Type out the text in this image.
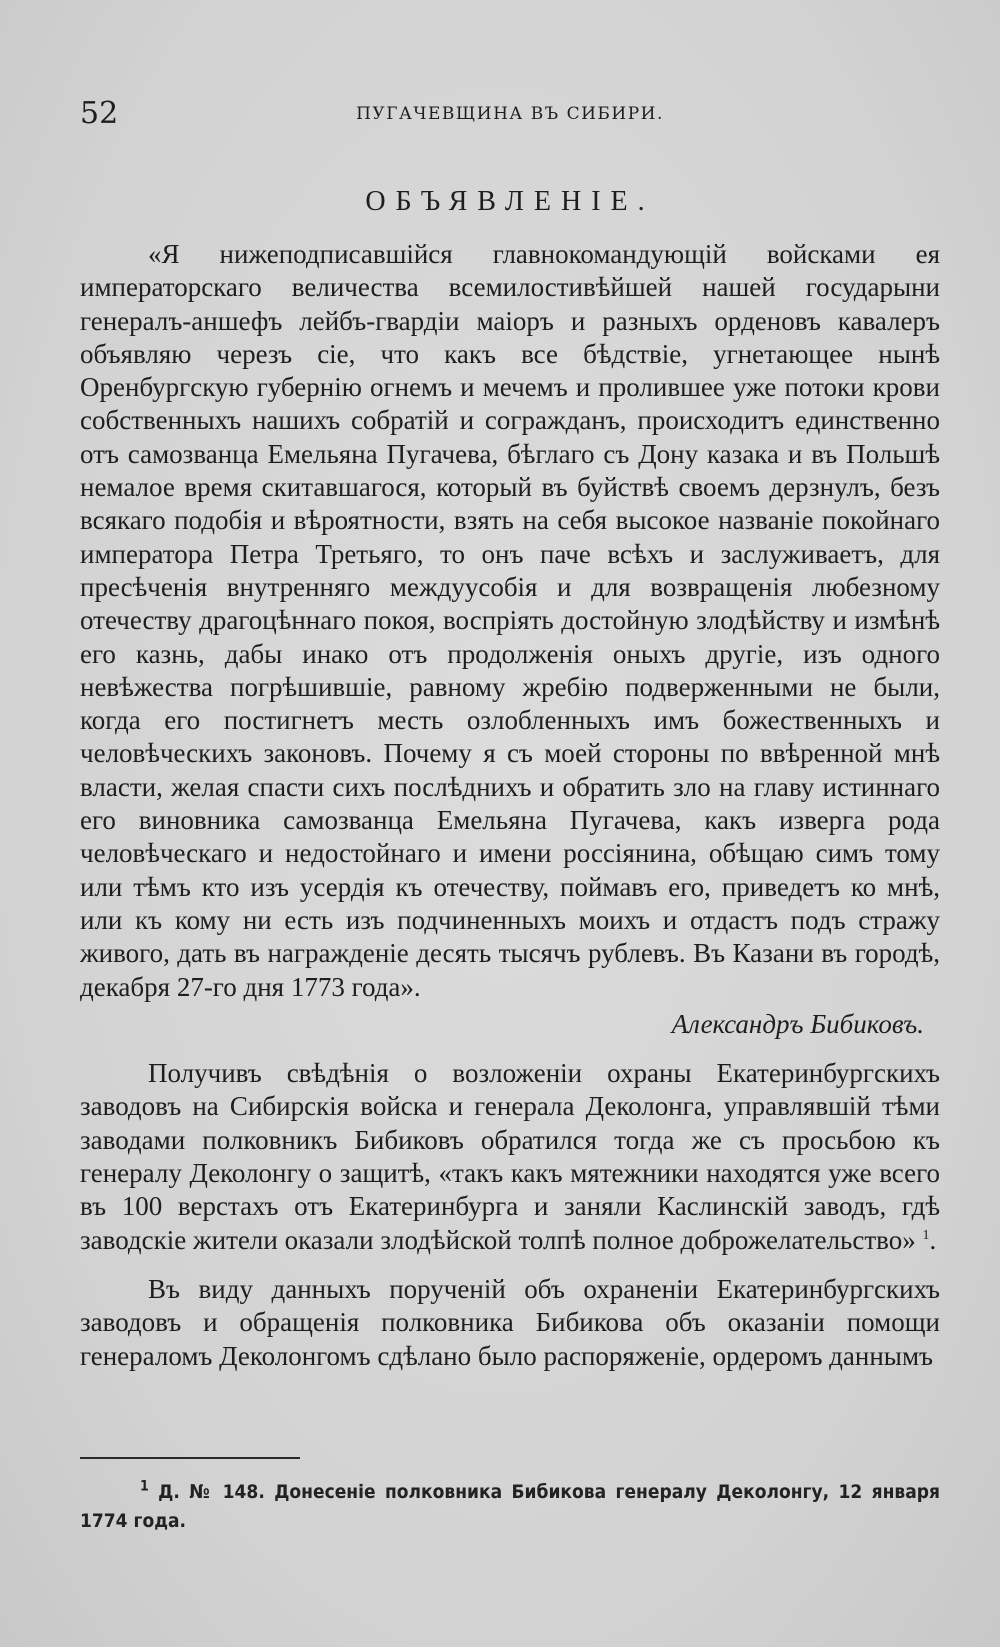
52	ПУГАЧЕВЩИНА ВЪ СИБИРИ.
ОБЪЯВЛЕНІЕ.

«Я нижеподписавшійся главнокомандующій войсками ея императорскаго величества всемилостивѣйшей нашей государыни генералъ-аншефъ лейбъ-гвардіи маіоръ и разныхъ орденовъ кавалеръ объявляю черезъ сіе, что какъ все бѣдствіе, угнетающее нынѣ Оренбургскую губернію огнемъ и мечемъ и пролившее уже потоки крови собственныхъ нашихъ собратій и согражданъ, происходитъ единственно отъ самозванца Емельяна Пугачева, бѣглаго съ Дону казака и въ Польшѣ немалое время скитавшагося, который въ буйствѣ своемъ дерзнулъ, безъ всякаго подобія и вѣроятности, взять на себя высокое названіе покойнаго императора Петра Третьяго, то онъ паче всѣхъ и заслуживаетъ, для пресѣченія внутренняго междуусобія и для возвращенія любезному отечеству драгоцѣннаго покоя, воспріять достойную злодѣйству и измѣнѣ его казнь, дабы инако отъ продолженія оныхъ другіе, изъ одного невѣжества погрѣшившіе, равному жребію подверженными не были, когда его постигнетъ месть озлобленныхъ имъ божественныхъ и человѣческихъ законовъ. Почему я съ моей стороны по ввѣренной мнѣ власти, желая спасти сихъ послѣднихъ и обратить зло на главу истиннаго его виновника самозванца Емельяна Пугачева, какъ изверга рода человѣческаго и недостойнаго и имени россіянина, обѣщаю симъ тому или тѣмъ кто изъ усердія къ отечеству, поймавъ его, приведетъ ко мнѣ, или къ кому ни есть изъ подчиненныхъ моихъ и отдастъ подъ стражу живого, дать въ награжденіе десять тысячъ рублевъ. Въ Казани въ городѣ, декабря 27-го дня 1773 года».

Александръ Бибиковъ.

Получивъ свѣдѣнія о возложеніи охраны Екатеринбургскихъ заводовъ на Сибирскія войска и генерала Деколонга, управлявшій тѣми заводами полковникъ Бибиковъ обратился тогда же съ просьбою къ генералу Деколонгу о защитѣ, «такъ какъ мятежники находятся уже всего въ 100 верстахъ отъ Екатеринбурга и заняли Каслинскій заводъ, гдѣ заводскіе жители оказали злодѣйской толпѣ полное доброжелательство» $^1$.

Въ виду данныхъ порученій объ охраненіи Екатеринбургскихъ заводовъ и обращенія полковника Бибикова объ оказаніи помощи генераломъ Деколонгомъ сдѣлано было распоряженіе, ордеромъ даннымъ

$^1$ Д. № 148. Донесеніе полковника Бибикова генералу Деколонгу, 12 января 1774 года.
